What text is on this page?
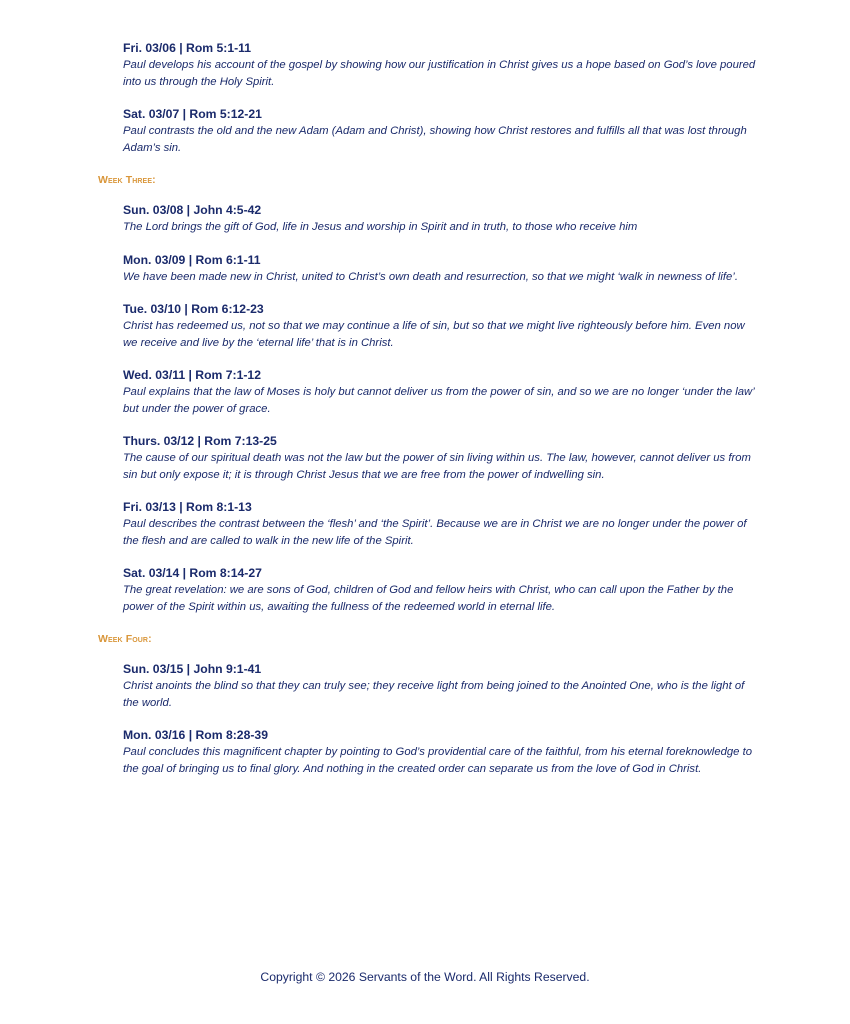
Fri. 03/06 | Rom 5:1-11
Paul develops his account of the gospel by showing how our justification in Christ gives us a hope based on God’s love poured into us through the Holy Spirit.
Sat. 03/07 | Rom 5:12-21
Paul contrasts the old and the new Adam (Adam and Christ), showing how Christ restores and fulfills all that was lost through Adam’s sin.
Week Three:
Sun. 03/08 | John 4:5-42
The Lord brings the gift of God, life in Jesus and worship in Spirit and in truth, to those who receive him
Mon. 03/09 | Rom 6:1-11
We have been made new in Christ, united to Christ’s own death and resurrection, so that we might ‘walk in newness of life’.
Tue. 03/10 | Rom 6:12-23
Christ has redeemed us, not so that we may continue a life of sin, but so that we might live righteously before him. Even now we receive and live by the ‘eternal life’ that is in Christ.
Wed. 03/11 | Rom 7:1-12
Paul explains that the law of Moses is holy but cannot deliver us from the power of sin, and so we are no longer ‘under the law’ but under the power of grace.
Thurs. 03/12 | Rom 7:13-25
The cause of our spiritual death was not the law but the power of sin living within us. The law, however, cannot deliver us from sin but only expose it; it is through Christ Jesus that we are free from the power of indwelling sin.
Fri. 03/13 | Rom 8:1-13
Paul describes the contrast between the ‘flesh’ and ‘the Spirit’. Because we are in Christ we are no longer under the power of the flesh and are called to walk in the new life of the Spirit.
Sat. 03/14 | Rom 8:14-27
The great revelation: we are sons of God, children of God and fellow heirs with Christ, who can call upon the Father by the power of the Spirit within us, awaiting the fullness of the redeemed world in eternal life.
Week Four:
Sun. 03/15 | John 9:1-41
Christ anoints the blind so that they can truly see; they receive light from being joined to the Anointed One, who is the light of the world.
Mon. 03/16 | Rom 8:28-39
Paul concludes this magnificent chapter by pointing to God’s providential care of the faithful, from his eternal foreknowledge to the goal of bringing us to final glory. And nothing in the created order can separate us from the love of God in Christ.
Copyright © 2026 Servants of the Word. All Rights Reserved.
